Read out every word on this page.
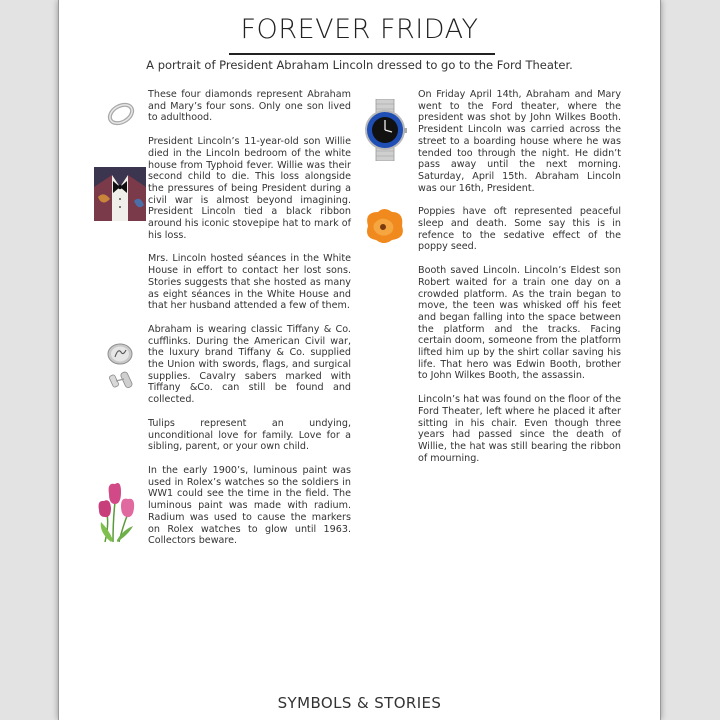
FOREVER FRIDAY
A portrait of President Abraham Lincoln dressed to go to the Ford Theater.

These four diamonds represent Abraham and Mary’s four sons. Only one son lived to adulthood.

President Lincoln’s 11-year-old son Willie died in the Lincoln bedroom of the white house from Typhoid fever. Willie was their second child to die. This loss alongside the pressures of being President during a civil war is almost beyond imagining. President Lincoln tied a black ribbon around his iconic stovepipe hat to mark of his loss.

Mrs. Lincoln hosted séances in the White House in effort to contact her lost sons. Stories suggests that she hosted as many as eight séances in the White House and that her husband attended a few of them.

Abraham is wearing classic Tiffany & Co. cufflinks. During the American Civil war, the luxury brand Tiffany & Co. supplied the Union with swords, flags, and surgical supplies. Cavalry sabers marked with Tiffany &Co. can still be found and collected.

Tulips represent an undying, unconditional love for family. Love for a sibling, parent, or your own child.

In the early 1900’s, luminous paint was used in Rolex’s watches so the soldiers in WW1 could see the time in the field. The luminous paint was made with radium. Radium was used to cause the markers on Rolex watches to glow until 1963. Collectors beware.

On Friday April 14th, Abraham and Mary went to the Ford theater, where the president was shot by John Wilkes Booth. President Lincoln was carried across the street to a boarding house where he was tended too through the night. He didn’t pass away until the next morning. Saturday, April 15th. Abraham Lincoln was our 16th, President.

Poppies have oft represented peaceful sleep and death. Some say this is in refence to the sedative effect of the poppy seed.

Booth saved Lincoln. Lincoln’s Eldest son Robert waited for a train one day on a crowded platform. As the train began to move, the teen was whisked off his feet and began falling into the space between the platform and the tracks. Facing certain doom, someone from the platform lifted him up by the shirt collar saving his life. That hero was Edwin Booth, brother to John Wilkes Booth, the assassin.

Lincoln’s hat was found on the floor of the Ford Theater, left where he placed it after sitting in his chair. Even though three years had passed since the death of Willie, the hat was still bearing the ribbon of mourning.

SYMBOLS & STORIES
